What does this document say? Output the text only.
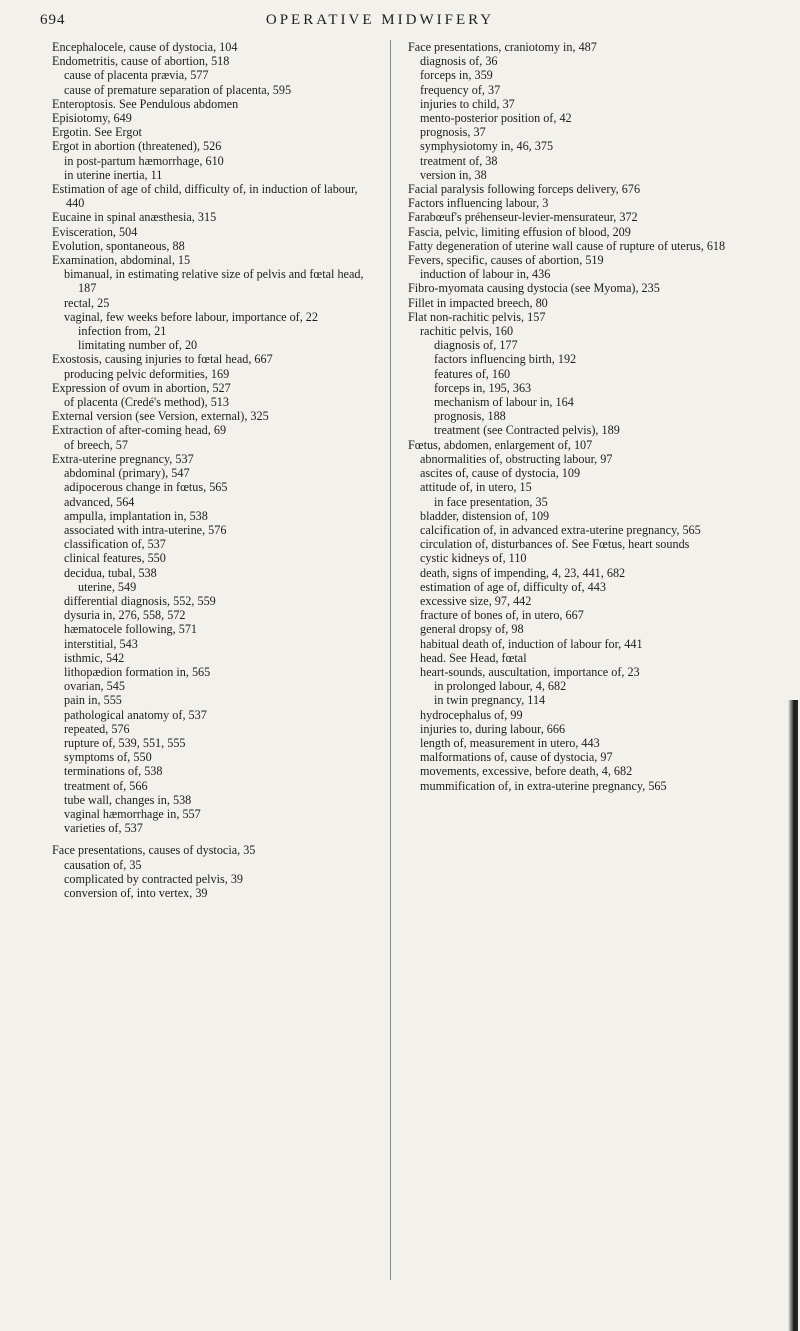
694	OPERATIVE MIDWIFERY

Encephalocele, cause of dystocia, 104

Endometritis, cause of abortion, 518

cause of placenta prævia, 577

cause of premature separation of placenta, 595

Enteroptosis. See Pendulous abdomen

Episiotomy, 649

Ergotin. See Ergot

Ergot in abortion (threatened), 526

in post-partum hæmorrhage, 610

in uterine inertia, 11

Estimation of age of child, difficulty of, in induction of labour, 440

Eucaine in spinal anæsthesia, 315

Evisceration, 504

Evolution, spontaneous, 88

Examination, abdominal, 15

bimanual, in estimating relative size of pelvis and fœtal head, 187

rectal, 25

vaginal, few weeks before labour, importance of, 22

infection from, 21

limitating number of, 20

Exostosis, causing injuries to fœtal head, 667

producing pelvic deformities, 169

Expression of ovum in abortion, 527

of placenta (Credé's method), 513

External version (see Version, external), 325

Extraction of after-coming head, 69

of breech, 57

Extra-uterine pregnancy, 537

abdominal (primary), 547

adipocerous change in fœtus, 565

advanced, 564

ampulla, implantation in, 538

associated with intra-uterine, 576

classification of, 537

clinical features, 550

decidua, tubal, 538

uterine, 549

differential diagnosis, 552, 559

dysuria in, 276, 558, 572

hæmatocele following, 571

interstitial, 543

isthmic, 542

lithopædion formation in, 565

ovarian, 545

pain in, 555

pathological anatomy of, 537

repeated, 576

rupture of, 539, 551, 555

symptoms of, 550

terminations of, 538

treatment of, 566

tube wall, changes in, 538

vaginal hæmorrhage in, 557

varieties of, 537

Face presentations, causes of dystocia, 35

causation of, 35

complicated by contracted pelvis, 39

conversion of, into vertex, 39

Face presentations, craniotomy in, 487

diagnosis of, 36

forceps in, 359

frequency of, 37

injuries to child, 37

mento-posterior position of, 42

prognosis, 37

symphysiotomy in, 46, 375

treatment of, 38

version in, 38

Facial paralysis following forceps delivery, 676

Factors influencing labour, 3

Farabœuf's préhenseur-levier-mensurateur, 372

Fascia, pelvic, limiting effusion of blood, 209

Fatty degeneration of uterine wall cause of rupture of uterus, 618

Fevers, specific, causes of abortion, 519

induction of labour in, 436

Fibro-myomata causing dystocia (see Myoma), 235

Fillet in impacted breech, 80

Flat non-rachitic pelvis, 157

rachitic pelvis, 160

diagnosis of, 177

factors influencing birth, 192

features of, 160

forceps in, 195, 363

mechanism of labour in, 164

prognosis, 188

treatment (see Contracted pelvis), 189

Fœtus, abdomen, enlargement of, 107

abnormalities of, obstructing labour, 97

ascites of, cause of dystocia, 109

attitude of, in utero, 15

in face presentation, 35

bladder, distension of, 109

calcification of, in advanced extra-uterine pregnancy, 565

circulation of, disturbances of. See Fœtus, heart sounds

cystic kidneys of, 110

death, signs of impending, 4, 23, 441, 682

estimation of age of, difficulty of, 443

excessive size, 97, 442

fracture of bones of, in utero, 667

general dropsy of, 98

habitual death of, induction of labour for, 441

head. See Head, fœtal

heart-sounds, auscultation, importance of, 23

in prolonged labour, 4, 682

in twin pregnancy, 114

hydrocephalus of, 99

injuries to, during labour, 666

length of, measurement in utero, 443

malformations of, cause of dystocia, 97

movements, excessive, before death, 4, 682

mummification of, in extra-uterine pregnancy, 565
